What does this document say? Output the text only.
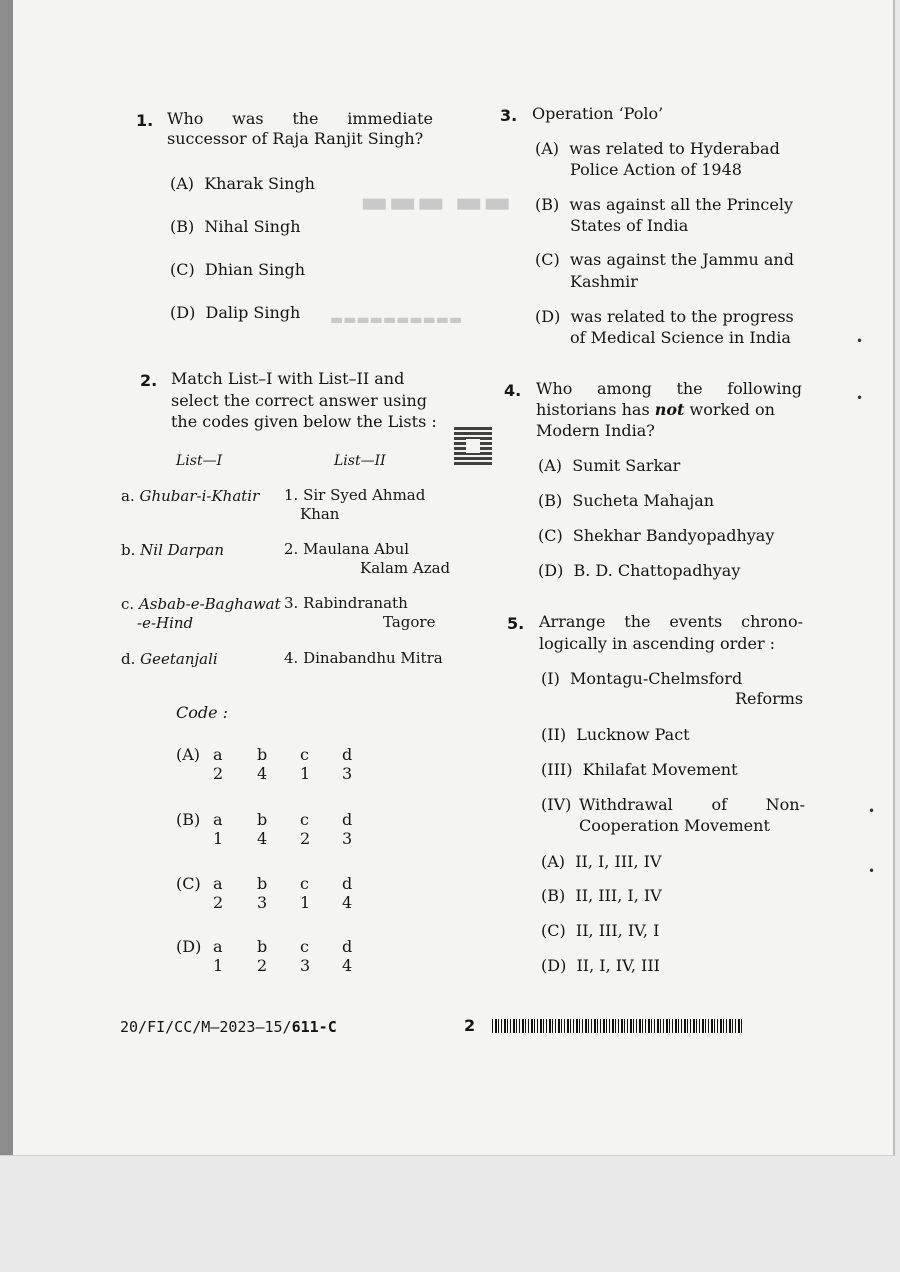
▬▬ ▬▬▬
▬▬▬▬▬▬▬▬▬▬
1. Who was the immediate
successor of Raja Ranjit Singh?
(A) Kharak Singh
(B) Nihal Singh
(C) Dhian Singh
(D) Dalip Singh
2. Match List–I with List–II and
select the correct answer using
the codes given below the Lists :
List—I	List—II
a. Ghubar-i-Khatir
b. Nil Darpan
c. Asbab-e-Baghawat
-e-Hind
d. Geetanjali
1. Sir Syed Ahmad
Khan
2. Maulana Abul
Kalam Azad
3. Rabindranath
Tagore
4. Dinabandhu Mitra
Code :
(A) a b c d
2 4 1 3
(B) a b c d
1 4 2 3
(C) a b c d
2 3 1 4
(D) a b c d
1 2 3 4
3. Operation ‘Polo’
(A) was related to Hyderabad
Police Action of 1948
(B) was against all the Princely
States of India
(C) was against the Jammu and
Kashmir
(D) was related to the progress
of Medical Science in India
4. Who among the following
historians has not worked on
Modern India?
(A) Sumit Sarkar
(B) Sucheta Mahajan
(C) Shekhar Bandyopadhyay
(D) B. D. Chattopadhyay
5. Arrange the events chrono-
logically in ascending order :
(I) Montagu-Chelmsford
Reforms
(II) Lucknow Pact
(III) Khilafat Movement
(IV) Withdrawal of Non-
Cooperation Movement
(A) II, I, III, IV
(B) II, III, I, IV
(C) II, III, IV, I
(D) II, I, IV, III
20/FI/CC/M–2023–15/611-C	2
•
•
•
•
